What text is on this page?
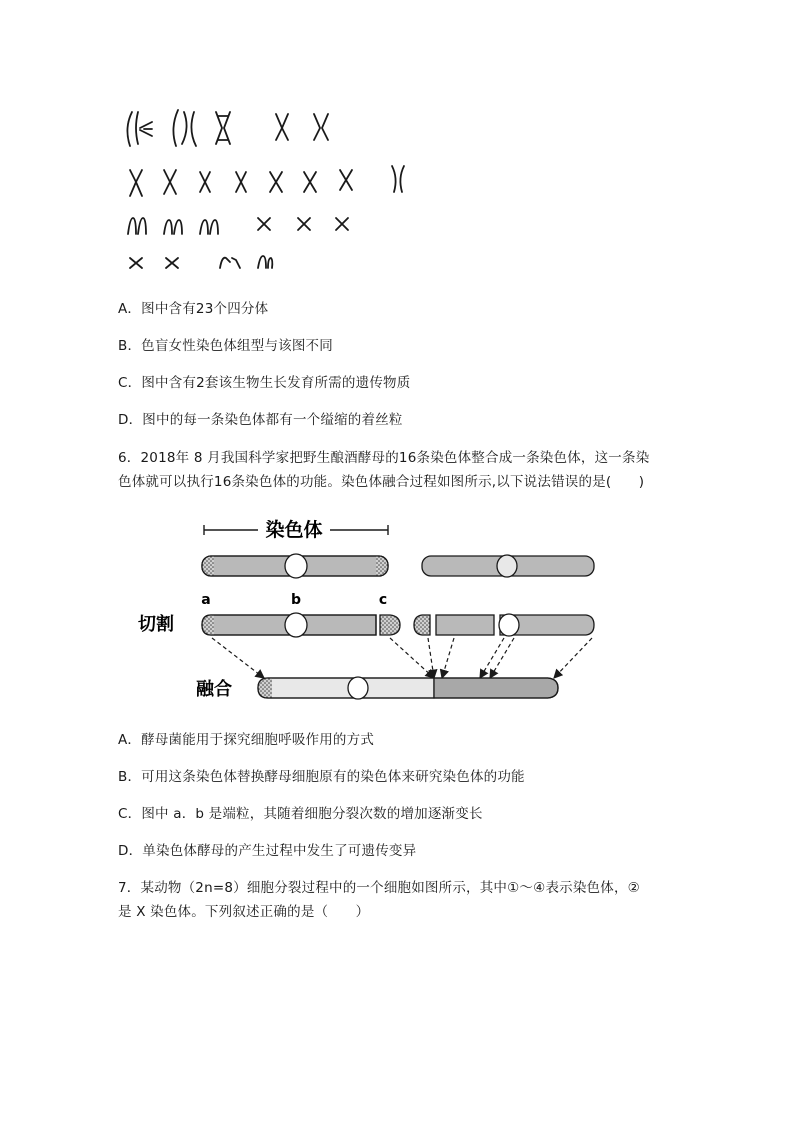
A．图中含有23个四分体
B．色盲女性染色体组型与该图不同
C．图中含有2套该生物生长发育所需的遗传物质
D．图中的每一条染色体都有一个缢缩的着丝粒
6．2018年 8 月我国科学家把野生酿酒酵母的16条染色体整合成一条染色体，这一条染
色体就可以执行16条染色体的功能。染色体融合过程如图所示,以下说法错误的是(　　)
染色体
a	b	c
切割
融合
A．酵母菌能用于探究细胞呼吸作用的方式
B．可用这条染色体替换酵母细胞原有的染色体来研究染色体的功能
C．图中 a．b 是端粒，其随着细胞分裂次数的增加逐渐变长
D．单染色体酵母的产生过程中发生了可遗传变异
7．某动物（2n=8）细胞分裂过程中的一个细胞如图所示，其中①～④表示染色体，②
是 X 染色体。下列叙述正确的是（　　）
